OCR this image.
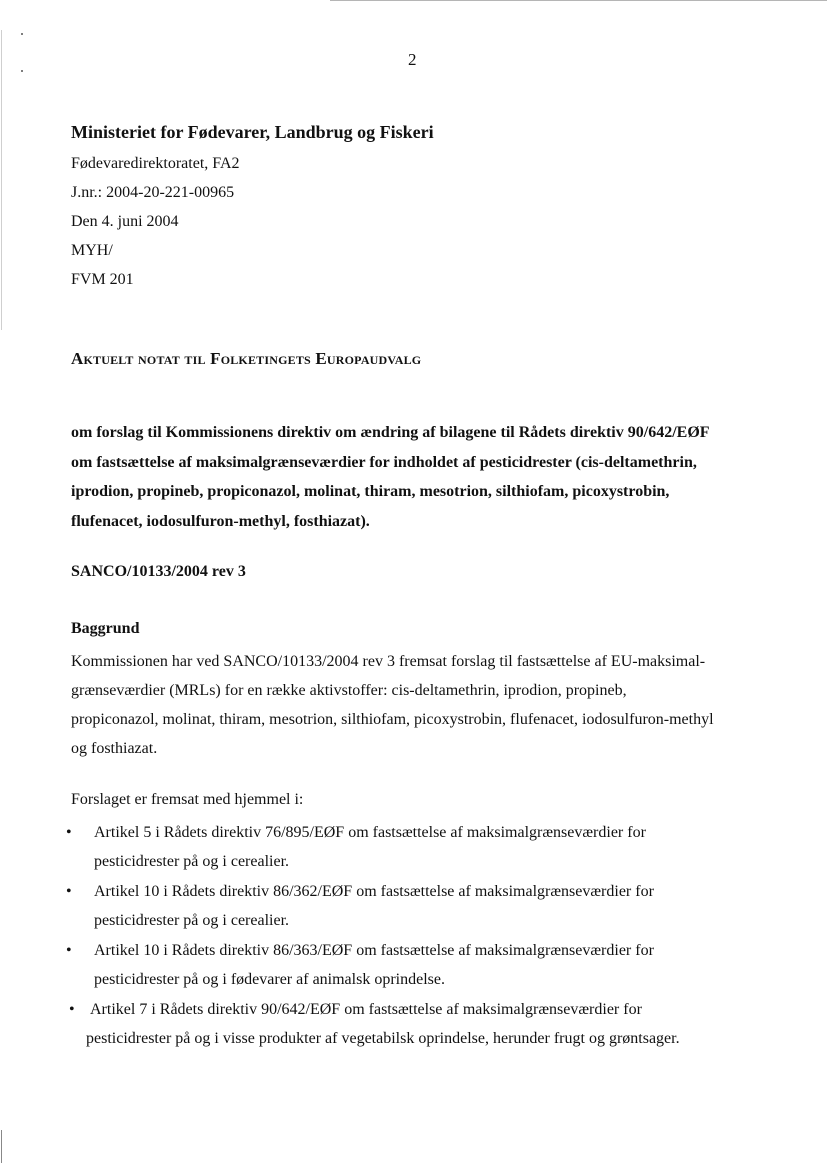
2
Ministeriet for Fødevarer, Landbrug og Fiskeri
Fødevaredirektoratet, FA2
J.nr.: 2004-20-221-00965
Den 4. juni 2004
MYH/
FVM 201
Aktuelt notat til Folketingets Europaudvalg
om forslag til Kommissionens direktiv om ændring af bilagene til Rådets direktiv 90/642/EØF
om fastsættelse af maksimalgrænseværdier for indholdet af pesticidrester (cis-deltamethrin,
iprodion, propineb, propiconazol, molinat, thiram, mesotrion, silthiofam, picoxystrobin,
flufenacet, iodosulfuron-methyl, fosthiazat).
SANCO/10133/2004 rev 3
Baggrund
Kommissionen har ved SANCO/10133/2004 rev 3 fremsat forslag til fastsættelse af EU-maksimal-
grænseværdier (MRLs) for en række aktivstoffer: cis-deltamethrin, iprodion, propineb,
propiconazol, molinat, thiram, mesotrion, silthiofam, picoxystrobin, flufenacet, iodosulfuron-methyl
og fosthiazat.
Forslaget er fremsat med hjemmel i:
• Artikel 5 i Rådets direktiv 76/895/EØF om fastsættelse af maksimalgrænseværdier for
pesticidrester på og i cerealier.
• Artikel 10 i Rådets direktiv 86/362/EØF om fastsættelse af maksimalgrænseværdier for
pesticidrester på og i cerealier.
• Artikel 10 i Rådets direktiv 86/363/EØF om fastsættelse af maksimalgrænseværdier for
pesticidrester på og i fødevarer af animalsk oprindelse.
• Artikel 7 i Rådets direktiv 90/642/EØF om fastsættelse af maksimalgrænseværdier for
pesticidrester på og i visse produkter af vegetabilsk oprindelse, herunder frugt og grøntsager.
